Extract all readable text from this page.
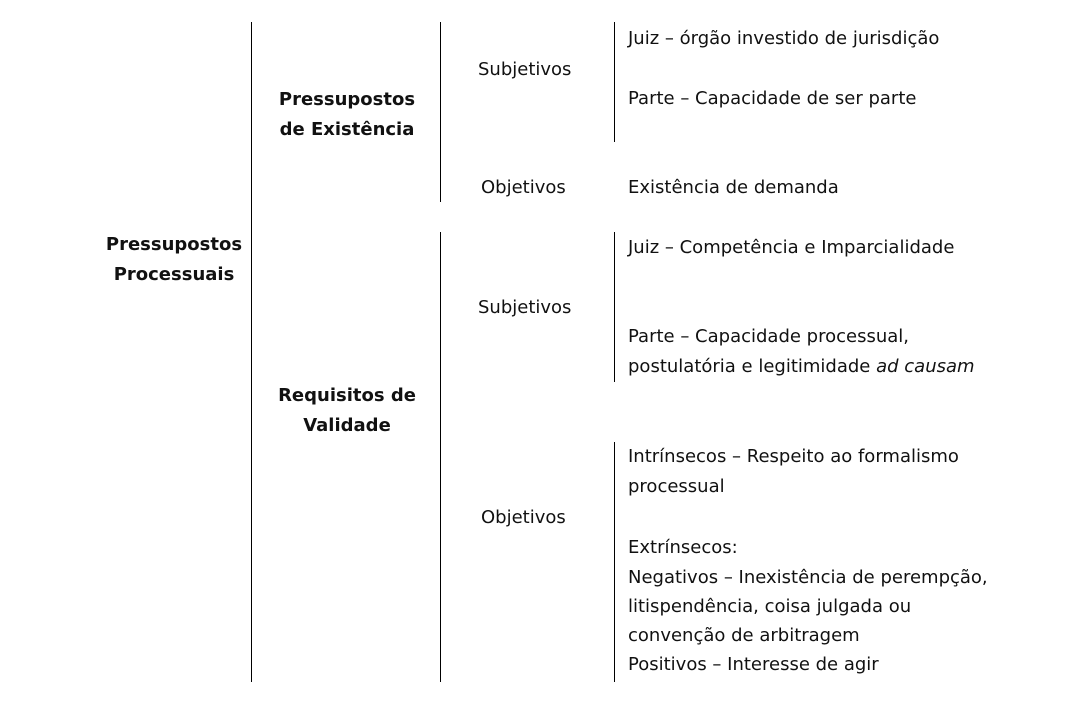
Pressupostos
Processuais
Pressupostos
de Existência
Requisitos de
Validade
Subjetivos
Juiz – órgão investido de jurisdição
Parte – Capacidade de ser parte
Objetivos	Existência de demanda
Subjetivos
Juiz – Competência e Imparcialidade
Parte – Capacidade processual,
postulatória e legitimidade ad causam
Objetivos
Intrínsecos – Respeito ao formalismo
processual
Extrínsecos:
Negativos – Inexistência de perempção,
litispendência, coisa julgada ou
convenção de arbitragem
Positivos – Interesse de agir
